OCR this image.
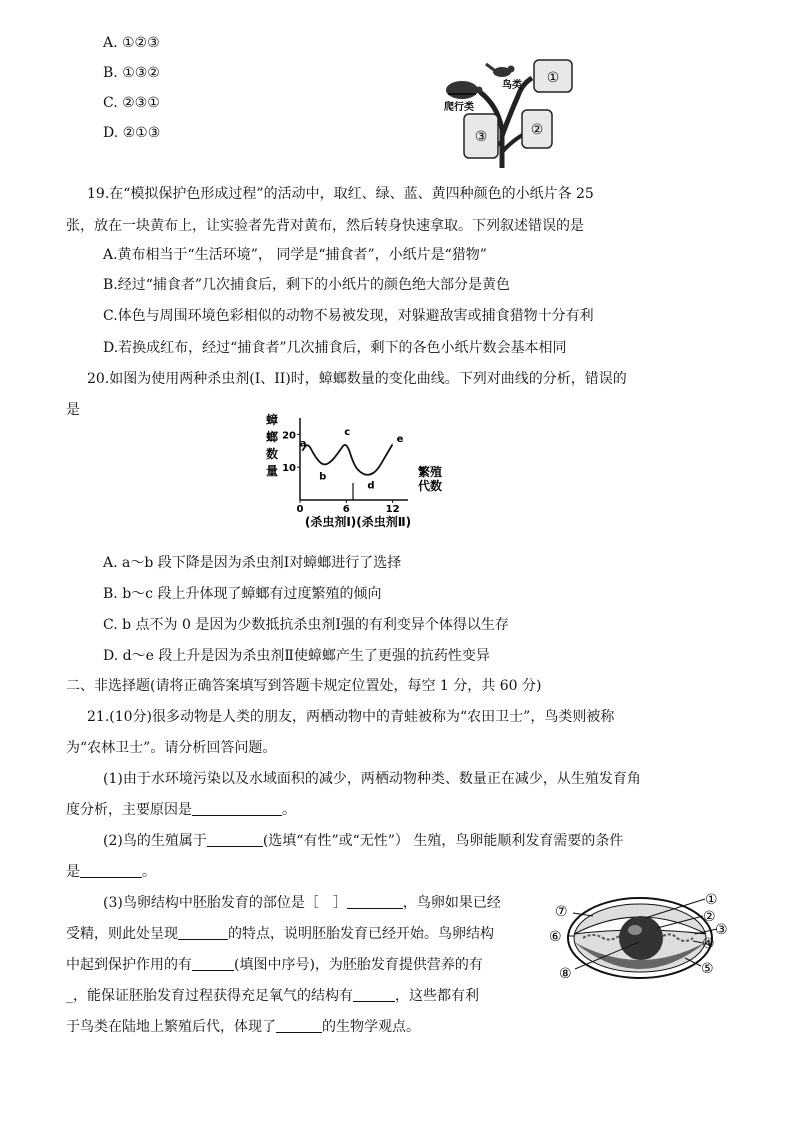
A. ①②③
B. ①③②
C. ②③①
D. ②①③
爬行类
鸟类 ①
②
③
19.在“模拟保护色形成过程”的活动中，取红、绿、蓝、黄四种颜色的小纸片各 25
张，放在一块黄布上，让实验者先背对黄布，然后转身快速拿取。下列叙述错误的是
A.黄布相当于“生活环境”， 同学是“捕食者”，小纸片是“猎物”
B.经过“捕食者”几次捕食后，剩下的小纸片的颜色绝大部分是黄色
C.体色与周围环境色彩相似的动物不易被发现，对躲避敌害或捕食猎物十分有利
D.若换成红布，经过“捕食者”几次捕食后，剩下的各色小纸片数会基本相同
20.如图为使用两种杀虫剂(I、II)时，蟑螂数量的变化曲线。下列对曲线的分析，错误的
是
蟑
螂
数
量	繁殖
代数
0	6	12
10
20
a
b
c
d
e
(杀虫剂Ⅰ)(杀虫剂Ⅱ)
A. a～b 段下降是因为杀虫剂Ⅰ对蟑螂进行了选择
B. b～c 段上升体现了蟑螂有过度繁殖的倾向
C. b 点不为 0 是因为少数抵抗杀虫剂Ⅰ强的有利变异个体得以生存
D. d～e 段上升是因为杀虫剂Ⅱ使蟑螂产生了更强的抗药性变异
二、非选择题(请将正确答案填写到答题卡规定位置处，每空 1 分，共 60 分)
21.(10分)很多动物是人类的朋友，两栖动物中的青蛙被称为“农田卫士”，鸟类则被称
为“农林卫士”。请分析回答问题。
(1)由于水环境污染以及水域面积的减少，两栖动物种类、数量正在减少，从生殖发育角
度分析，主要原因是	。
(2)鸟的生殖属于	(选填“有性”或“无性”） 生殖，鸟卵能顺利发育需要的条件
是	。
(3)鸟卵结构中胚胎发育的部位是［　］	，鸟卵如果已经
受精，则此处呈现	的特点，说明胚胎发育已经开始。鸟卵结构
中起到保护作用的有	(填图中序号)，为胚胎发育提供营养的有
_，能保证胚胎发育过程获得充足氧气的结构有	，这些都有利
于鸟类在陆地上繁殖后代，体现了	的生物学观点。
①
②
③
④
⑤
⑥
⑦
⑧
